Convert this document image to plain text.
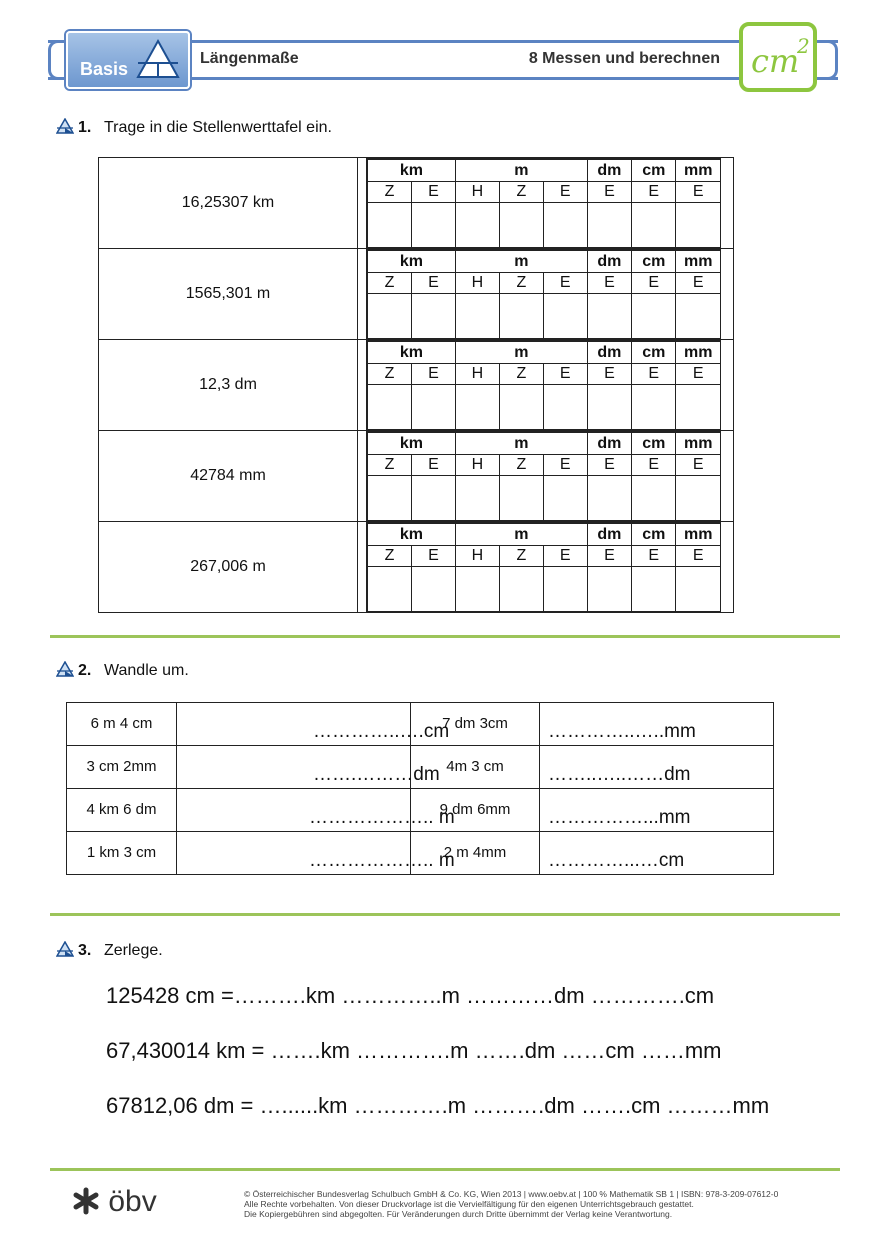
Basis
Längenmaße	8 Messen und berechnen cm
2
1. Trage in die Stellenwerttafel ein.
16,25307 km		
km	m	dm	cm	mm
Z	E	H	Z	E	E	E	E

1565,301 m		
km	m	dm	cm	mm
Z	E	H	Z	E	E	E	E

12,3 dm		
km	m	dm	cm	mm
Z	E	H	Z	E	E	E	E

42784 mm		
km	m	dm	cm	mm
Z	E	H	Z	E	E	E	E

267,006 m		
km	m	dm	cm	mm
Z	E	H	Z	E	E	E	E

2. Wandle um.
6 m 4 cm	…………..….cm	7 dm 3cm	…………..…..mm

3 cm 2mm	…….………dm	4m 3 cm	……..…..……dm

4 km 6 dm	……………….. m	9 dm 6mm	……………...mm

1 km 3 cm	……………….. m	2 m 4mm	…………...…cm
3. Zerlege.
125428 cm =……….km …………..m …………dm ………….cm
67,430014 km = …….km ………….m …….dm ……cm ……mm
67812,06 dm = …......km ………….m ……….dm …….cm ………mm
öbv	© Österreichischer Bundesverlag Schulbuch GmbH & Co. KG, Wien 2013 | www.oebv.at | 100 % Mathematik SB 1 | ISBN: 978-3-209-07612-0
Alle Rechte vorbehalten. Von dieser Druckvorlage ist die Vervielfältigung für den eigenen Unterrichtsgebrauch gestattet.
Die Kopiergebühren sind abgegolten. Für Veränderungen durch Dritte übernimmt der Verlag keine Verantwortung.
